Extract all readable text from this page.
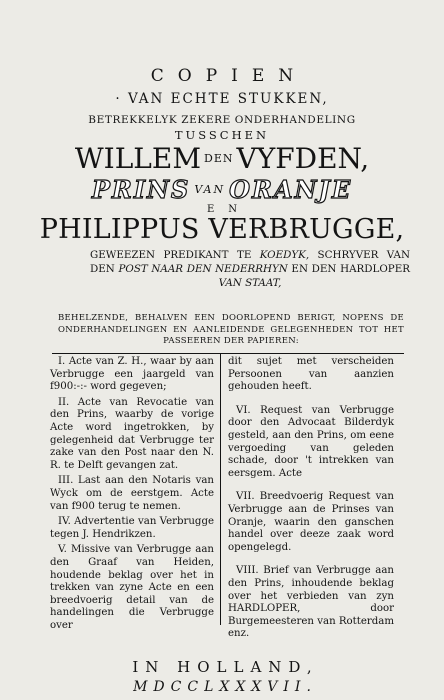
COPIEN
· VAN ECHTE STUKKEN,
BETREKKELYK ZEKERE ONDERHANDELING
TUSSCHEN
WILLEM $^{DEN}$ VYFDEN,
PRINS $^{VAN}$ ORANJE
EN
PHILIPPUS VERBRUGGE,
GEWEEZEN PREDIKANT TE KOEDYK, SCHRYVER VAN DEN POST NAAR DEN NEDERRHYN EN DEN HARDLOPER VAN STAAT,
BEHELZENDE, BEHALVEN EEN DOORLOPEND BERIGT, NOPENS DE ONDERHANDELINGEN EN AANLEIDENDE GELEGENHEDEN TOT HET PASSEEREN DER PAPIEREN:

I. Acte van Z. H., waar by aan Verbrugge een jaargeld van f900:-:- word gegeven;

II. Acte van Revocatie van den Prins, waarby de vorige Acte word ingetrokken, by gelegenheid dat Verbrugge ter zake van den Post naar den N. R. te Delft gevangen zat.

III. Last aan den Notaris van Wyck om de eerstgem. Acte van f900 terug te nemen.

IV. Advertentie van Verbrugge tegen J. Hendrikzen.

V. Missive van Verbrugge aan den Graaf van Heiden, houdende beklag over het in trekken van zyne Acte en een breedvoerig detail van de handelingen die Verbrugge over

dit sujet met verscheiden Persoonen van aanzien gehouden heeft.

VI. Request van Verbrugge door den Advocaat Bilderdyk gesteld, aan den Prins, om eene vergoeding van geleden schade, door 't intrekken van eersgem. Acte

VII. Breedvoerig Request van Verbrugge aan de Prinses van Oranje, waarin den ganschen handel over deeze zaak word opengelegd.

VIII. Brief van Verbrugge aan den Prins, inhoudende beklag over het verbieden van zyn HARDLOPER, door Burgemeesteren van Rotterdam enz.

IN HOLLAND,
MDCCLXXXVII.
